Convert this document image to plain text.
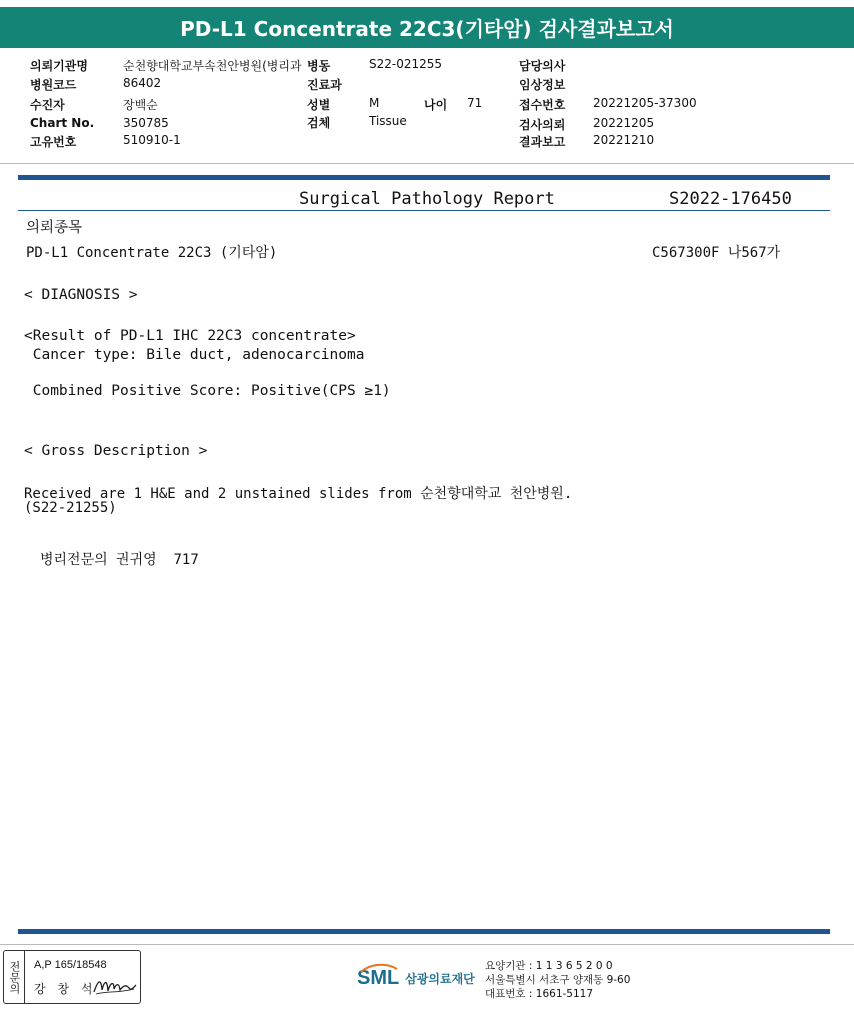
PD-L1 Concentrate 22C3(기타암) 검사결과보고서
의뢰기관명	순천향대학교부속천안병원(병리과
병원코드	86402
수진자	장백순
Chart No. 350785
고유번호	510910-1
병동	S22-021255
진료과
성별	M	나이 71
검체	Tissue
담당의사
임상정보
접수번호 20221205-37300
검사의뢰 20221205
결과보고 20221210
Surgical Pathology Report	S2022-176450
의뢰종목
PD-L1 Concentrate 22C3 (기타암)	C567300F 나567가
< DIAGNOSIS >
<Result of PD-L1 IHC 22C3 concentrate>
Cancer type: Bile duct, adenocarcinoma
Combined Positive Score: Positive(CPS ≥1)
< Gross Description >
Received are 1 H&E and 2 unstained slides from 순천향대학교 천안병원.
(S22-21255)
병리전문의 권귀영  717
전문의	A,P 165/18548
강 창 석
SML 삼광의료재단
요양기관 : 1 1 3 6 5 2 0 0
서울특별시 서초구 양재동 9-60
대표번호 : 1661-5117
